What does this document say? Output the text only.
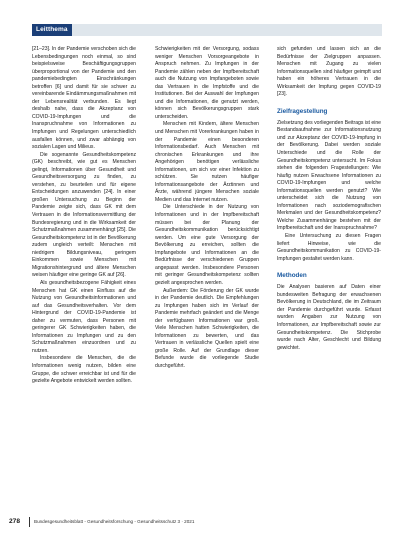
Leitthema

[21–23]. In der Pandemie verschoben sich die Lebensbedingungen noch einmal, so sind beispielsweise Beschäftigungsgruppen überproportional von der Pandemie und den pandemiebedingten Einschränkungen betroffen [6] und damit für sie schwer zu vereinbarende Eindämmungsmaßnahmen mit der Lebensrealität verbunden. Es liegt deshalb nahe, dass die Akzeptanz von COVID-19-Impfungen und die Inanspruchnahme von Informationen zu Impfungen und Regelungen unterschiedlich ausfallen können, und zwar abhängig von sozialen Lagen und Milieus.

Die sogenannte Gesundheitskompetenz (GK) beschreibt, wie gut es Menschen gelingt, Informationen über Gesundheit und Gesundheitsversorgung zu finden, zu verstehen, zu beurteilen und für eigene Entscheidungen anzuwenden [24]. In einer großen Untersuchung zu Beginn der Pandemie zeigte sich, dass GK mit dem Vertrauen in die Informationsvermittlung der Bundesregierung und in die Wirksamkeit der Schutzmaßnahmen zusammenhängt [25]. Die Gesundheitskompetenz ist in der Bevölkerung zudem ungleich verteilt: Menschen mit niedrigem Bildungsniveau, geringem Einkommen sowie Menschen mit Migrationshintergrund und ältere Menschen weisen häufiger eine geringe GK auf [26].

Als gesundheitsbezogene Fähigkeit eines Menschen hat GK einen Einfluss auf die Nutzung von Gesundheitsinformationen und auf das Gesundheitsverhalten. Vor dem Hintergrund der COVID-19-Pandemie ist daher zu vermuten, dass Personen mit geringerer GK Schwierigkeiten haben, die Informationen zu Impfungen und zu den Schutzmaßnahmen einzuordnen und zu nutzen.

Insbesondere die Menschen, die die Informationen wenig nutzen, bilden eine Gruppe, die schwer erreichbar ist und für die gezielte Angebote entwickelt werden sollten.

Schwierigkeiten mit der Versorgung, sodass weniger Menschen Vorsorgeangebote in Anspruch nehmen. Zu Impfungen in der Pandemie zählen neben der Impfbereitschaft auch die Nutzung von Impfangeboten sowie das Vertrauen in die Impfstoffe und die Institutionen. Bei der Auswahl der Impfungen und die Informationen, die genutzt werden, können sich Bevölkerungsgruppen stark unterscheiden.

Menschen mit Kindern, ältere Menschen und Menschen mit Vorerkrankungen haben in der Pandemie einen besonderen Informationsbedarf. Auch Menschen mit chronischen Erkrankungen und ihre Angehörigen benötigen verlässliche Informationen, um sich vor einer Infektion zu schützen. Sie nutzen häufiger Informationsangebote der Ärztinnen und Ärzte, während jüngere Menschen soziale Medien und das Internet nutzen.

Die Unterschiede in der Nutzung von Informationen und in der Impfbereitschaft müssen bei der Planung der Gesundheitskommunikation berücksichtigt werden. Um eine gute Versorgung der Bevölkerung zu erreichen, sollten die Impfangebote und Informationen an die Bedürfnisse der verschiedenen Gruppen angepasst werden. Insbesondere Personen mit geringer Gesundheitskompetenz sollten gezielt angesprochen werden.

Außerdem: Die Förderung der GK wurde in der Pandemie deutlich. Die Empfehlungen zu Impfungen haben sich im Verlauf der Pandemie mehrfach geändert und die Menge der verfügbaren Informationen war groß. Viele Menschen hatten Schwierigkeiten, die Informationen zu bewerten, und das Vertrauen in verlässliche Quellen spielt eine große Rolle. Auf der Grundlage dieser Befunde wurde die vorliegende Studie durchgeführt.

sich gefunden und lassen sich an die Bedürfnisse der Zielgruppen anpassen. Menschen mit Zugang zu vielen Informationsquellen sind häufiger geimpft und haben ein höheres Vertrauen in die Wirksamkeit der Impfung gegen COVID-19 [23].

Zielfragestellung

Zielsetzung des vorliegenden Beitrags ist eine Bestandsaufnahme zur Informationsnutzung und zur Akzeptanz der COVID-19-Impfung in der Bevölkerung. Dabei werden soziale Unterschiede und die Rolle der Gesundheitskompetenz untersucht. Im Fokus stehen die folgenden Fragestellungen: Wie häufig nutzen Erwachsene Informationen zu COVID-19-Impfungen und welche Informationsquellen werden genutzt? Wie unterscheidet sich die Nutzung von Informationen nach soziodemografischen Merkmalen und der Gesundheitskompetenz? Welche Zusammenhänge bestehen mit der Impfbereitschaft und der Inanspruchnahme?

Eine Untersuchung zu diesen Fragen liefert Hinweise, wie die Gesundheitskommunikation zu COVID-19-Impfungen gestaltet werden kann.

Methoden

Die Analysen basieren auf Daten einer bundesweiten Befragung der erwachsenen Bevölkerung in Deutschland, die im Zeitraum der Pandemie durchgeführt wurde. Erfasst wurden Angaben zur Nutzung von Informationen, zur Impfbereitschaft sowie zur Gesundheitskompetenz. Die Stichprobe wurde nach Alter, Geschlecht und Bildung gewichtet.

278	Bundesgesundheitsblatt - Gesundheitsforschung - Gesundheitsschutz 3 · 2021
